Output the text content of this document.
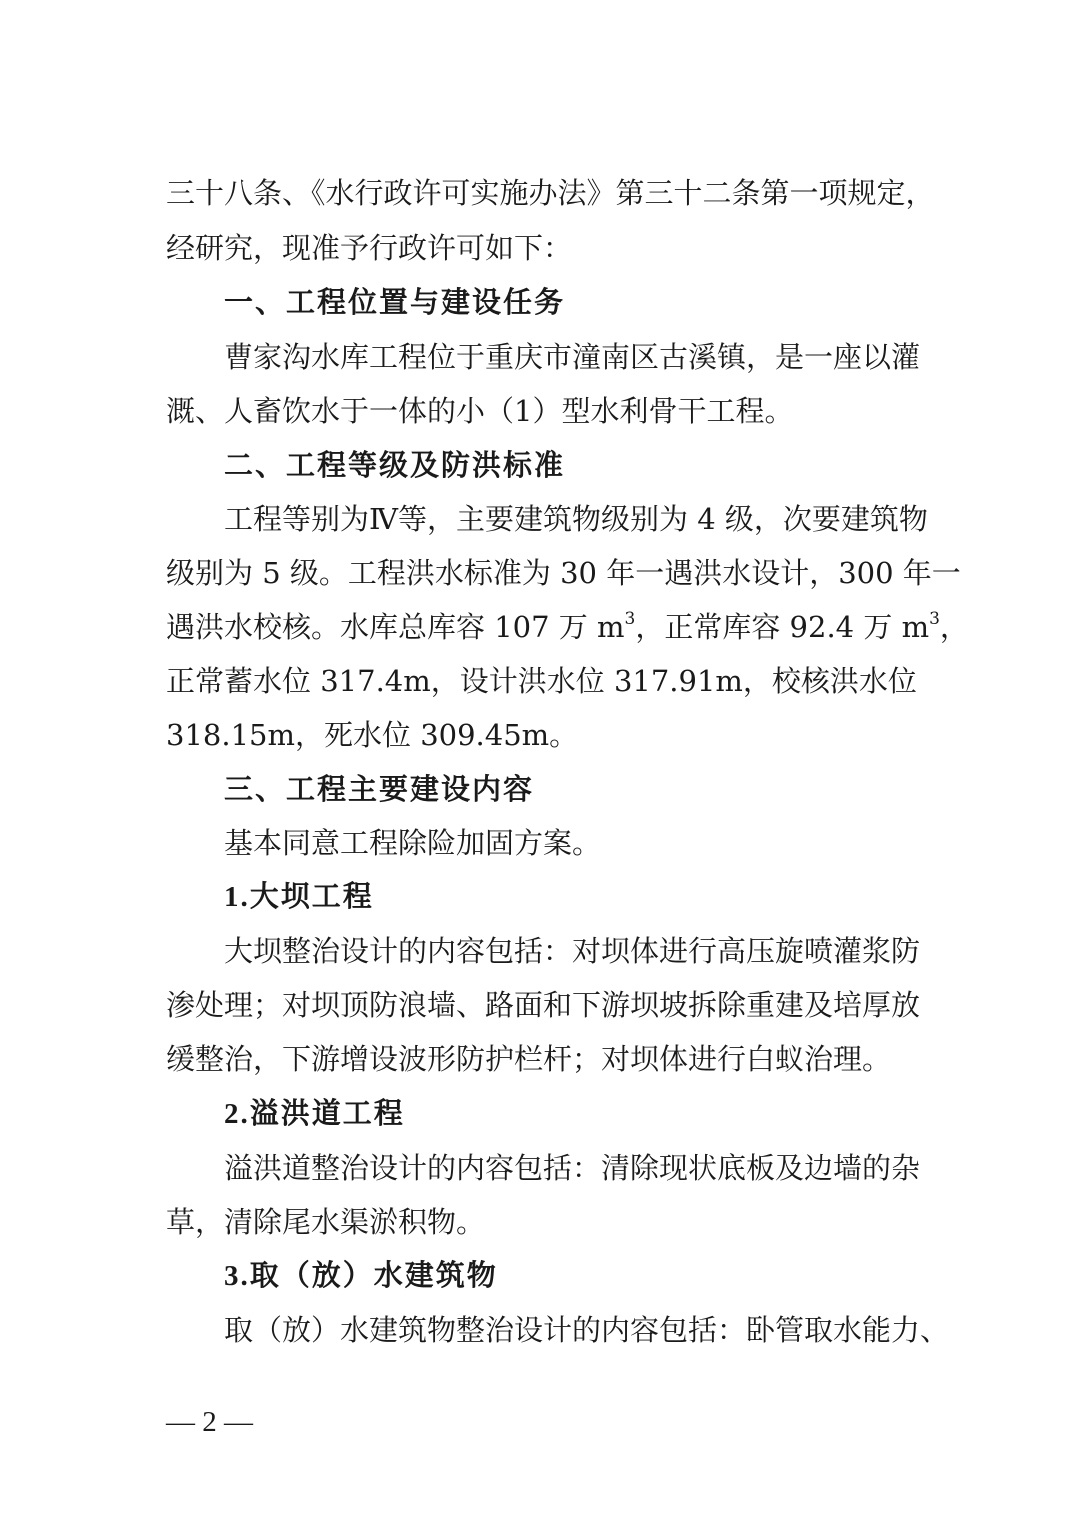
三十八条、《水行政许可实施办法》第三十二条第一项规定，
经研究，现准予行政许可如下：
一、工程位置与建设任务
曹家沟水库工程位于重庆市潼南区古溪镇，是一座以灌
溉、人畜饮水于一体的小（1）型水利骨干工程。
二、工程等级及防洪标准
工程等别为Ⅳ等，主要建筑物级别为 4 级，次要建筑物
级别为 5 级。工程洪水标准为 30 年一遇洪水设计，300 年一
遇洪水校核。水库总库容 107 万 $m^3$，正常库容 92.4 万 $m^3$，
正常蓄水位 317.4m，设计洪水位 317.91m，校核洪水位
318.15m，死水位 309.45m。
三、工程主要建设内容
基本同意工程除险加固方案。
1.大坝工程
大坝整治设计的内容包括：对坝体进行高压旋喷灌浆防
渗处理；对坝顶防浪墙、路面和下游坝坡拆除重建及培厚放
缓整治，下游增设波形防护栏杆；对坝体进行白蚁治理。
2.溢洪道工程
溢洪道整治设计的内容包括：清除现状底板及边墙的杂
草，清除尾水渠淤积物。
3.取（放）水建筑物
取（放）水建筑物整治设计的内容包括：卧管取水能力、
— 2 —
